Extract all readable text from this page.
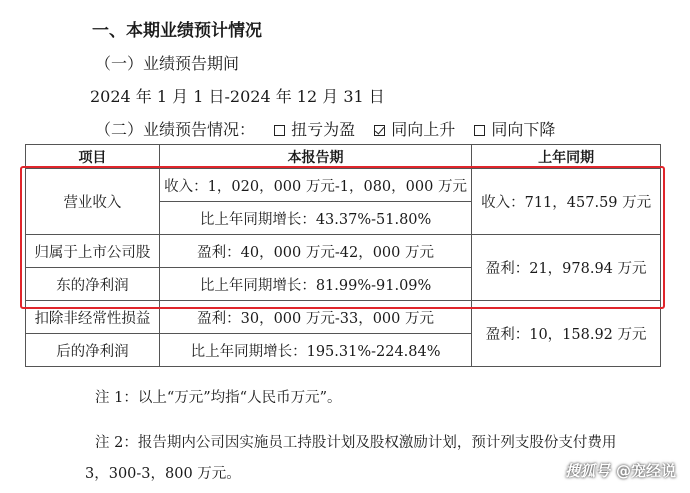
一、本期业绩预计情况
（一）业绩预告期间
2024 年 1 月 1 日-2024 年 12 月 31 日
（二）业绩预告情况： 扭亏为盈 同向上升 同向下降
项目	本报告期	上年同期
营业收入	收入：1，020，000 万元-1，080，000 万元	收入：711，457.59 万元
	比上年同期增长：43.37%-51.80%	
归属于上市公司股	盈利：40，000 万元-42，000 万元	盈利：21，978.94 万元
东的净利润	比上年同期增长：81.99%-91.09%	
扣除非经常性损益	盈利：30，000 万元-33，000 万元	盈利：10，158.92 万元
后的净利润	比上年同期增长：195.31%-224.84%	
注 1：以上“万元”均指“人民币万元”。
注 2：报告期内公司因实施员工持股计划及股权激励计划，预计列支股份支付费用
3，300-3，800 万元。	搜狐号 @宠经说
